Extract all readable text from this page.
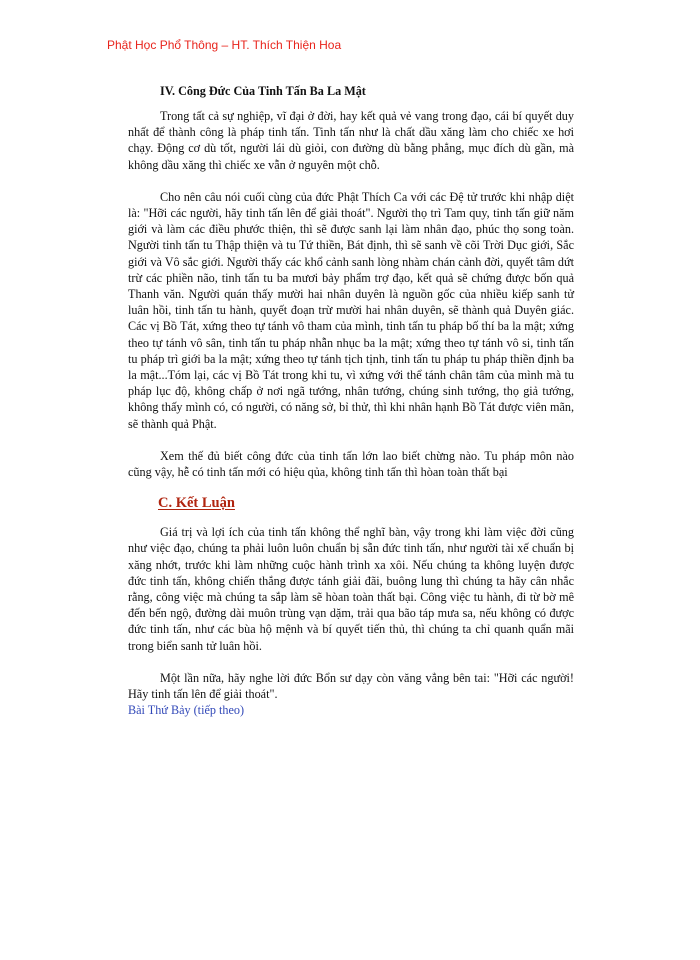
Phật Học Phổ Thông – HT. Thích Thiện Hoa
IV. Công Đức Của Tinh Tấn Ba La Mật

Trong tất cả sự nghiệp, vĩ đại ở đời, hay kết quả vẻ vang trong đạo, cái bí quyết duy nhất để thành công là pháp tinh tấn. Tinh tấn như là chất dầu xăng làm cho chiếc xe hơi chạy. Động cơ dù tốt, người lái dù giỏi, con đường dù bằng phẳng, mục đích dù gần, mà không dầu xăng thì chiếc xe vẫn ở nguyên một chỗ.

Cho nên câu nói cuối cùng của đức Phật Thích Ca với các Đệ tử trước khi nhập diệt là: "Hỡi các người, hãy tinh tấn lên để giải thoát". Người thọ trì Tam quy, tinh tấn giữ năm giới và làm các điều phước thiện, thì sẽ được sanh lại làm nhân đạo, phúc thọ song toàn. Người tinh tấn tu Thập thiện và tu Tứ thiền, Bát định, thì sẽ sanh về cõi Trời Dục giới, Sắc giới và Vô sắc giới. Người thấy các khổ cảnh sanh lòng nhàm chán cảnh đời, quyết tâm dứt trừ các phiền não, tinh tấn tu ba mươi bảy phẩm trợ đạo, kết quả sẽ chứng được bốn quả Thanh văn. Người quán thấy mười hai nhân duyên là nguồn gốc của nhiều kiếp sanh tử luân hồi, tinh tấn tu hành, quyết đoạn trừ mười hai nhân duyên, sẽ thành quả Duyên giác. Các vị Bồ Tát, xứng theo tự tánh vô tham của mình, tinh tấn tu pháp bố thí ba la mật; xứng theo tự tánh vô sân, tinh tấn tu pháp nhẫn nhục ba la mật; xứng theo tự tánh vô si, tinh tấn tu pháp trì giới ba la mật; xứng theo tự tánh tịch tịnh, tinh tấn tu pháp tu pháp thiền định ba la mật...Tóm lại, các vị Bồ Tát trong khi tu, vì xứng với thể tánh chân tâm của mình mà tu pháp lục độ, không chấp ở nơi ngã tướng, nhân tướng, chúng sinh tướng, thọ giả tướng, không thấy mình có, có người, có năng sở, bỉ thử, thì khi nhân hạnh Bồ Tát được viên mãn, sẽ thành quả Phật.

Xem thế đủ biết công đức của tinh tấn lớn lao biết chừng nào. Tu pháp môn nào cũng vậy, hễ có tinh tấn mới có hiệu qủa, không tinh tấn thì hòan toàn thất bại

C. Kết Luận

Giá trị và lợi ích của tinh tấn không thể nghĩ bàn, vậy trong khi làm việc đời cũng như việc đạo, chúng ta phải luôn luôn chuẩn bị sẵn đức tinh tấn, như người tài xế chuẩn bị xăng nhớt, trước khi làm những cuộc hành trình xa xôi. Nếu chúng ta không luyện được đức tinh tấn, không chiến thắng được tánh giải đãi, buông lung thì chúng ta hãy cân nhắc rằng, công việc mà chúng ta sắp làm sẽ hòan toàn thất bại. Công việc tu hành, đi từ bờ mê đến bến ngộ, đường dài muôn trùng vạn dặm, trải qua bão táp mưa sa, nếu không có được đức tinh tấn, như các bùa hộ mệnh và bí quyết tiến thủ, thì chúng ta chỉ quanh quẩn mãi trong biển sanh tử luân hồi.

Một lần nữa, hãy nghe lời đức Bổn sư dạy còn văng vẳng bên tai: "Hỡi các người! Hãy tinh tấn lên để giải thoát".

Bài Thứ Bảy (tiếp theo)
